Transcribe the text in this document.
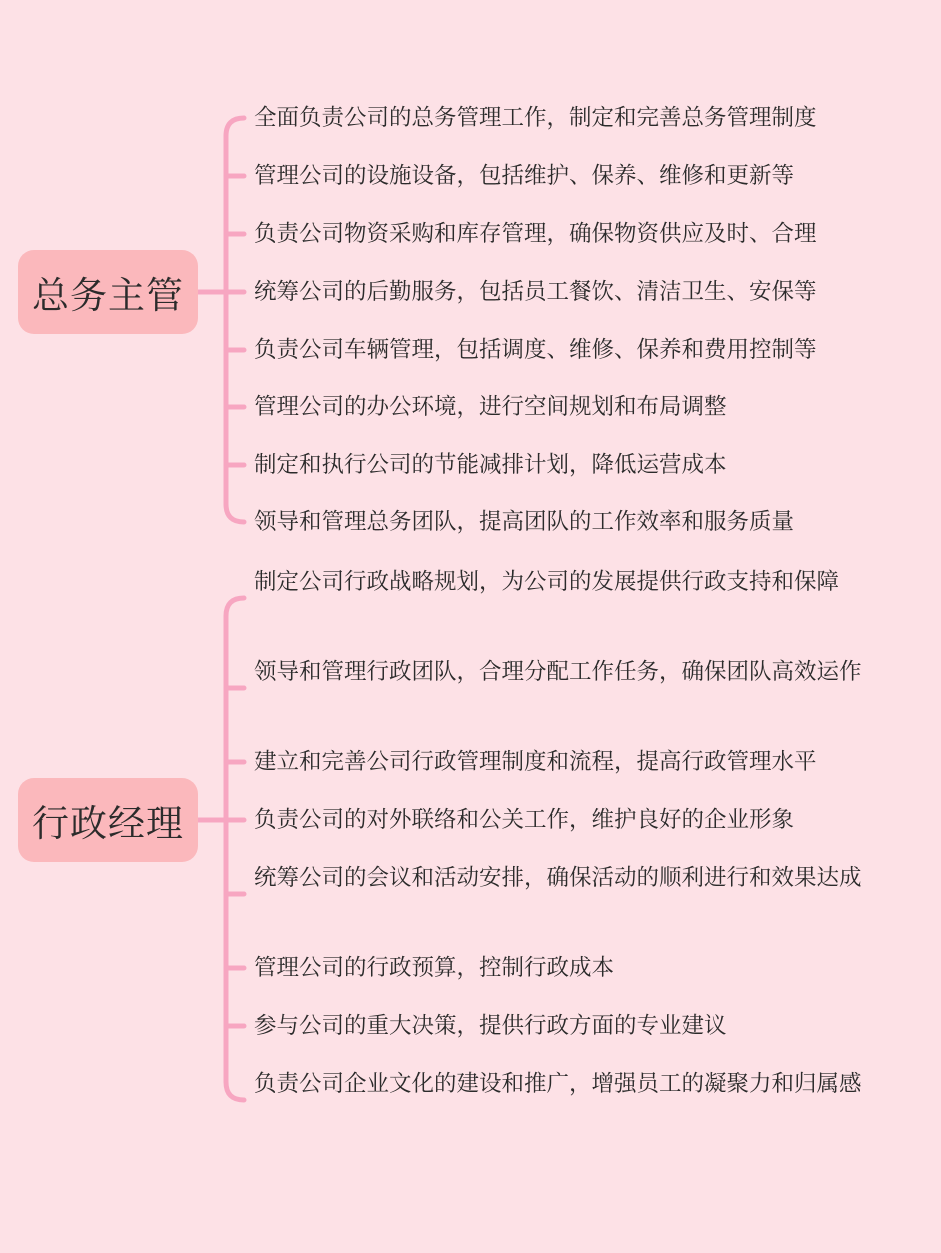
总务主管
全面负责公司的总务管理工作，制定和完善总务管理制度
管理公司的设施设备，包括维护、保养、维修和更新等
负责公司物资采购和库存管理，确保物资供应及时、合理
统筹公司的后勤服务，包括员工餐饮、清洁卫生、安保等
负责公司车辆管理，包括调度、维修、保养和费用控制等
管理公司的办公环境，进行空间规划和布局调整
制定和执行公司的节能减排计划，降低运营成本
领导和管理总务团队，提高团队的工作效率和服务质量
行政经理
制定公司行政战略规划，为公司的发展提供行政支持和保障
领导和管理行政团队，合理分配工作任务，确保团队高效运作
建立和完善公司行政管理制度和流程，提高行政管理水平
负责公司的对外联络和公关工作，维护良好的企业形象
统筹公司的会议和活动安排，确保活动的顺利进行和效果达成
管理公司的行政预算，控制行政成本
参与公司的重大决策，提供行政方面的专业建议
负责公司企业文化的建设和推广，增强员工的凝聚力和归属感
